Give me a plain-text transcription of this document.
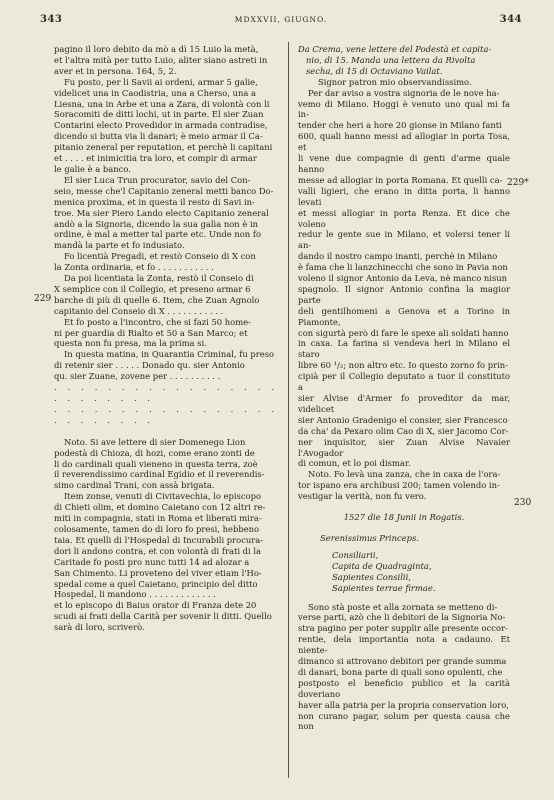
343	MDXXVII, GIUGNO.	344
229
229*
230

pagino il loro debito da mò a dì 15 Luio la metà,

et l'altra mità per tutto Luio, aliter siano astreti in

aver et in persona. 164, 5, 2.

Fu posto, per li Savii ai ordeni, armar 5 galie,

videlicet una in Caodistria, una a Cherso, una a

Liesna, una in Arbe et una a Zara, di volontà con li

Soracomiti de ditti lochi, ut in parte. El sier Zuan

Contarini electo Provedidor in armada contradise,

dicendo si butta via li danari; è meio armar il Ca-

pitanio zeneral per reputation, et perchè li capitani

et . . . . et inimicitia tra loro, et compir di armar

le galie è a banco.

El sier Luca Trun procurator, savio del Con-

seio, messe che'l Capitanio zeneral metti banco Do-

menica proxima, et in questa il resto di Savi in-

troe. Ma sier Piero Lando electo Capitanio zeneral

andò a la Signoria, dicendo la sua galìa non è in

ordine, è mal a metter tal parte etc. Unde non fo

mandà la parte et fo indusiato.

Fo licentià Pregadi, et restò Conseio di X con

la Zonta ordinaria, et fo . . . . . . . . . . .

Da poi licentiata la Zonta, restò il Conseio di

X semplice con il Collegio, et preseno armar 6

barche di più di quelle 6. Item, che Zuan Agnolo

capitanio del Conseio di X . . . . . . . . . . .

Et fo posto a l'incontro, che si fazi 50 home-

ni per guardia di Rialto et 50 a San Marco; et

questa non fu presa, ma la prima si.

In questa matina, in Quarantia Criminal, fu preso

di retenir sier . . . . . Donado qu. sier Antonio

qu. sier Zuane, zovene per . . . . . . . . . .

. . . . . . . . . . . . . . . . . . . . . . . . .

. . . . . . . . . . . . . . . . . . . . . . . . .

Noto. Si ave lettere di sier Domenego Lion

podestà di Chioza, di hozi, come erano zonti de

li do cardinali quali vieneno in questa terra, zoè

il reverendissimo cardinal Egidio et il reverendis-

simo cardinal Trani, con assà brigata.

Item zonse, venuti di Civitavechia, lo episcopo

di Chieti olim, et domino Caietano con 12 altri re-

miti in compagnia, stati in Roma et liberati mira-

colosamente, tamen do di loro fo presi, hebbeno

taia. Et quelli di l'Hospedal di Incurabili procura-

dori li andono contra, et con volontà di frati di la

Caritade fo posti pro nunc tutti 14 ad alozar a

San Chimento. Li proveteno del viver etiam l'Ho-

spedal come a quel Caietano, principio del ditto

Hospedal, li mandono . . . . . . . . . . . . .

et lo episcopo di Baius orator di Franza dete 20

scudi ai frati della Carità per sovenir li ditti. Quello

sarà di loro, scriverò.

Da Crema, vene lettere del Podestà et capita-

nio, di 15. Manda una lettera da Rivolta

secha, di 15 di Octaviano Vailat.

Signor patron mio observandissimo.

Per dar aviso a vostra signoria de le nove ha-

vemo di Milano. Hoggi è venuto uno qual mi fa in-

tender che heri a hore 20 gionse in Milano fanti

600, quali hanno messi ad allogiar in porta Tosa, et

li vene due compagnie di genti d'arme quale hanno

messe ad allogiar in porta Romana. Et quelli ca-

valli ligieri, che erano in ditta porta, li hanno levati

et messi allogiar in porta Renza. Et dice che voleno

redur le gente sue in Milano, et volersi tener li an-

dando il nostro campo inanti, perchè in Milano

è fama che li lanzchinecchi che sono in Pavia non

voleno il signor Antonio da Leva, nè manco nisun

spagnolo. Il signor Antonio confina la magior parte

deli gentilhomeni a Genova et a Torino in Piamonte,

con sigurtà però di fare le spexe ali soldati hanno

in caxa. La farina si vendeva heri in Milano el staro

libre 60 ¹/₂; non altro etc. Io questo zorno fo prin-

cipià per il Collegio deputato a tuor il constituto a

sier Alvise d'Armer fo proveditor da mar, videlicet

sier Antonio Gradenigo el consier, sier Francesco

da cha' da Pexaro olim Cao di X, sier Jacomo Cor-

ner inquisitor, sier Zuan Alvise Navaier l'Avogador

di comun, et lo poi dismar.

Noto. Fo levà una zanza, che in caxa de l'ora-

tor ispano era archibusi 200; tamen volendo in-

vestigar la verità, non fu vero.

1527 die 18 Junii in Rogatis.

Serenissimus Princeps.

Consiliarii,

Capita de Quadraginta,

Sapientes Consilii,

Sapientes terrae firmae.

Sono stà poste et alla zornata se metteno di-

verse parti, azò che li debitori de la Signoria No-

stra pagino per poter supplir alle presente occor-

rentie, dela importantia nota a cadauno. Et niente-

dimanco si attrovano debitori per grande summa

di danari, bona parte di quali sono opulenti, che

postposto el beneficio publico et la carità doveriano

haver alla patria per la propria conservation loro,

non curano pagar, solum per questa causa che non
